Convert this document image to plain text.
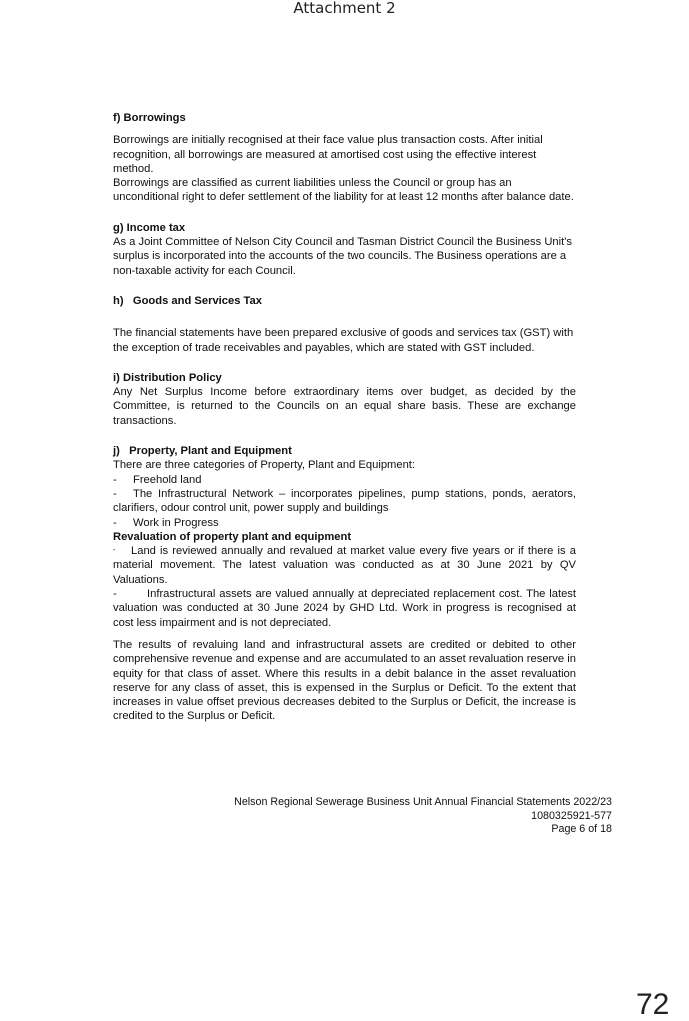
Attachment 2

f) Borrowings

Borrowings are initially recognised at their face value plus transaction costs. After initial recognition, all borrowings are measured at amortised cost using the effective interest method.

Borrowings are classified as current liabilities unless the Council or group has an unconditional right to defer settlement of the liability for at least 12 months after balance date.

g) Income tax

As a Joint Committee of Nelson City Council and Tasman District Council the Business Unit's surplus is incorporated into the accounts of the two councils. The Business operations are a non-taxable activity for each Council.

h)   Goods and Services Tax

The financial statements have been prepared exclusive of goods and services tax (GST) with the exception of trade receivables and payables, which are stated with GST included.

i) Distribution Policy

Any Net Surplus Income before extraordinary items over budget, as decided by the Committee, is returned to the Councils on an equal share basis. These are exchange transactions.

j)   Property, Plant and Equipment

There are three categories of Property, Plant and Equipment:

-	Freehold land

- The Infrastructural Network – incorporates pipelines, pump stations, ponds, aerators, clarifiers, odour control unit, power supply and buildings

-	Work in Progress

Revaluation of property plant and equipment

- Land is reviewed annually and revalued at market value every five years or if there is a material movement. The latest valuation was conducted as at 30 June 2021 by QV Valuations.

-	Infrastructural assets are valued annually at depreciated replacement cost. The latest valuation was conducted at 30 June 2024 by GHD Ltd. Work in progress is recognised at cost less impairment and is not depreciated.

The results of revaluing land and infrastructural assets are credited or debited to other comprehensive revenue and expense and are accumulated to an asset revaluation reserve in equity for that class of asset. Where this results in a debit balance in the asset revaluation reserve for any class of asset, this is expensed in the Surplus or Deficit. To the extent that increases in value offset previous decreases debited to the Surplus or Deficit, the increase is credited to the Surplus or Deficit.

Nelson Regional Sewerage Business Unit Annual Financial Statements 2022/23
1080325921-577
Page 6 of 18
72
